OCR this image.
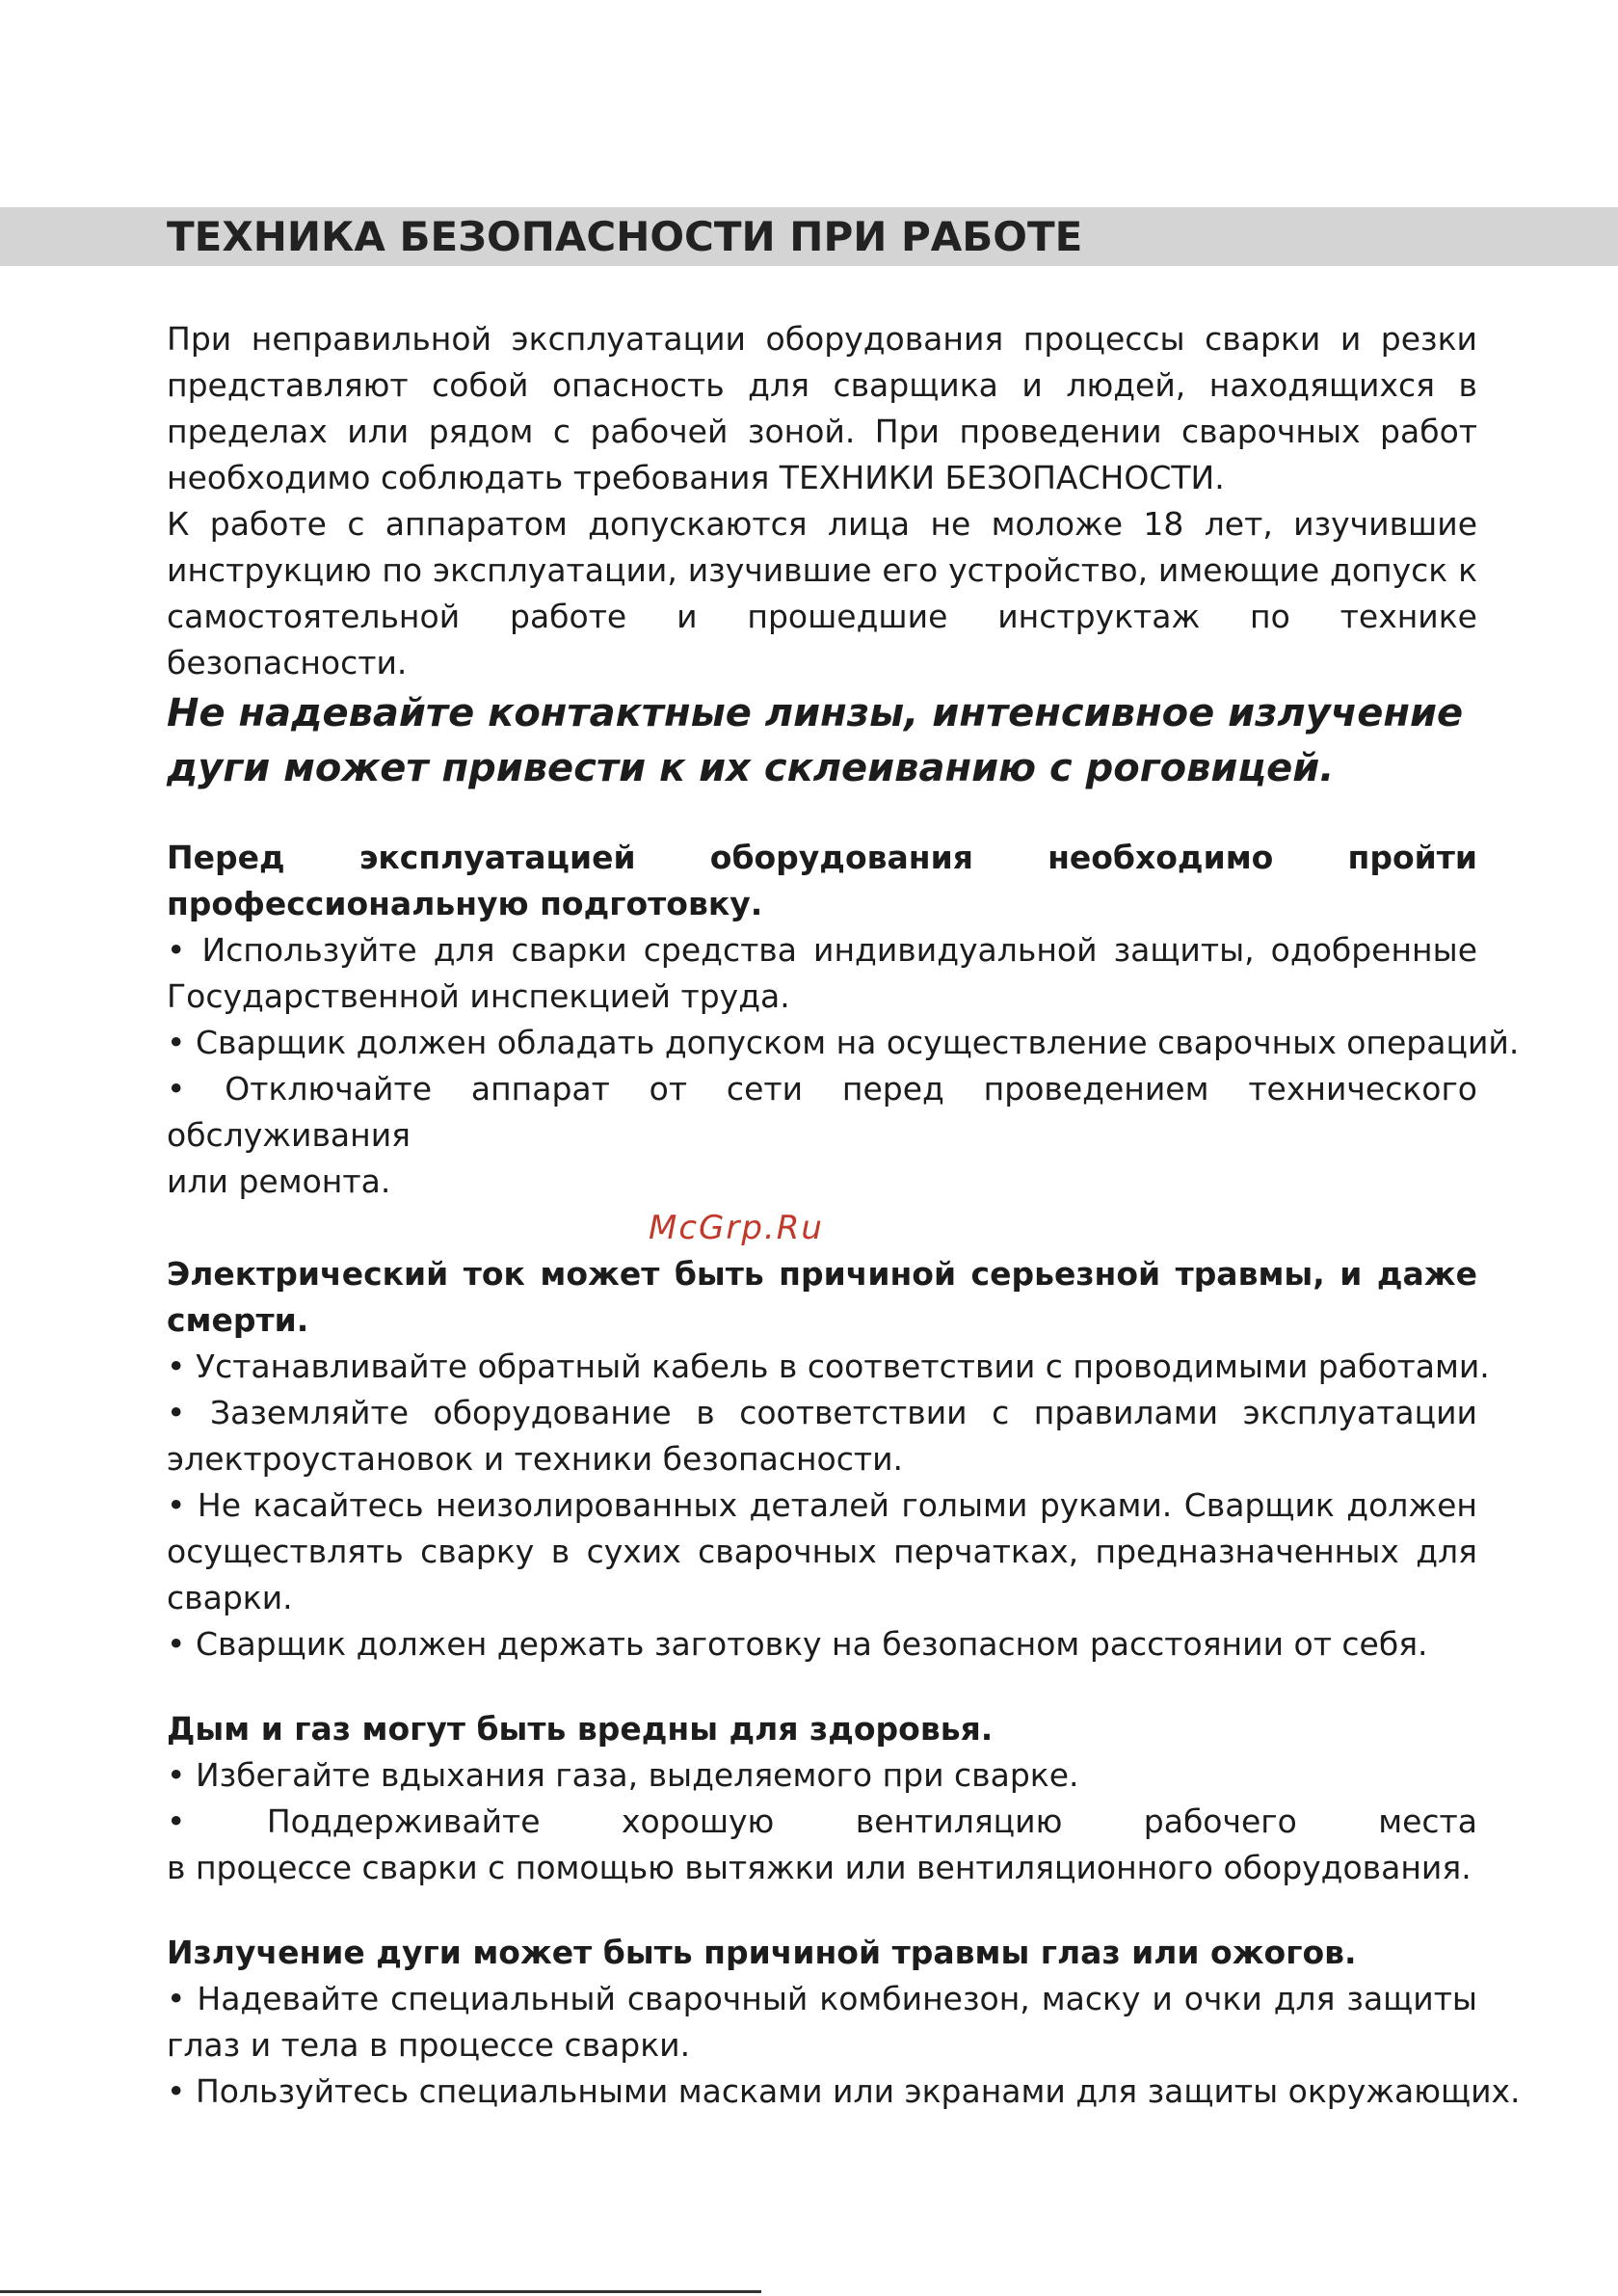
ТЕХНИКА БЕЗОПАСНОСТИ ПРИ РАБОТЕ

При неправильной эксплуатации оборудования процессы сварки и резки

представляют собой опасность для сварщика и людей, находящихся в

пределах или рядом с рабочей зоной. При проведении сварочных работ

необходимо соблюдать требования ТЕХНИКИ БЕЗОПАСНОСТИ.

К работе с аппаратом допускаются лица не моложе 18 лет, изучившие

инструкцию по эксплуатации, изучившие его устройство, имеющие допуск к

самостоятельной работе и прошедшие инструктаж по технике безопасности.

Не надевайте контактные линзы, интенсивное излучение

дуги может привести к их склеиванию с роговицей.

Перед эксплуатацией оборудования необходимо пройти

профессиональную подготовку.

• Используйте для сварки средства индивидуальной защиты, одобренные

Государственной инспекцией труда.

• Сварщик должен обладать допуском на осуществление сварочных операций.

• Отключайте аппарат от сети перед проведением технического обслуживания

или ремонта.

McGrp.Ru

Электрический ток может быть причиной серьезной травмы, и даже

смерти.

• Устанавливайте обратный кабель в соответствии с проводимыми работами.

• Заземляйте оборудование в соответствии с правилами эксплуатации

электроустановок и техники безопасности.

• Не касайтесь неизолированных деталей голыми руками. Сварщик должен

осуществлять сварку в сухих сварочных перчатках, предназначенных для

сварки.

• Сварщик должен держать заготовку на безопасном расстоянии от себя.

Дым и газ могут быть вредны для здоровья.

• Избегайте вдыхания газа, выделяемого при сварке.

• Поддерживайте хорошую вентиляцию рабочего места

в процессе сварки с помощью вытяжки или вентиляционного оборудования.

Излучение дуги может быть причиной травмы глаз или ожогов.

• Надевайте специальный сварочный комбинезон, маску и очки для защиты

глаз и тела в процессе сварки.

• Пользуйтесь специальными масками или экранами для защиты окружающих.
